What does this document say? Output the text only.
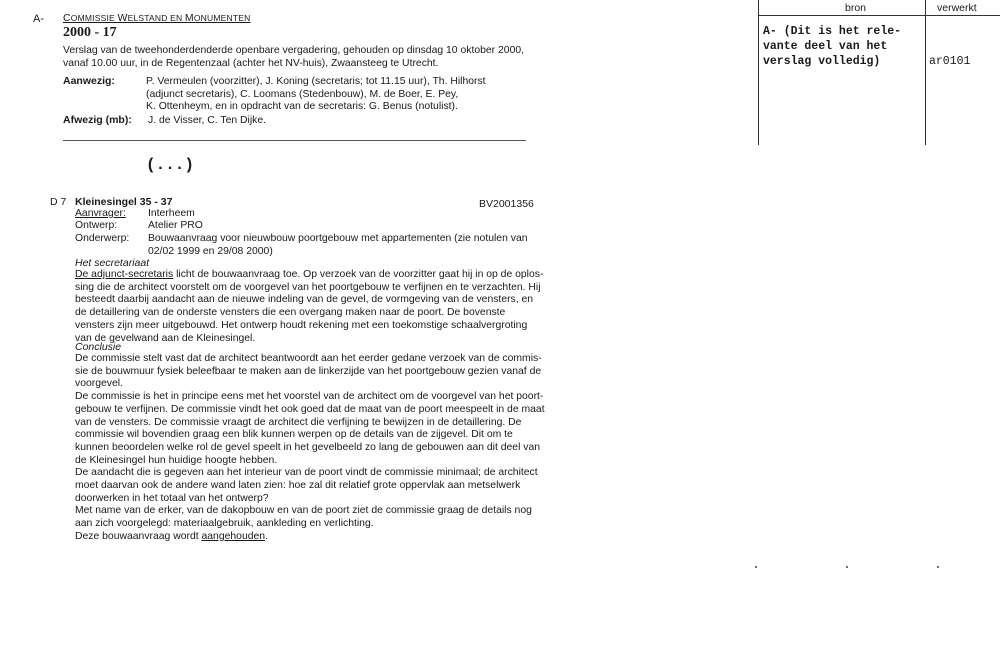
A- COMMISSIE WELSTAND EN MONUMENTEN
2000 - 17
Verslag van de tweehonderdenderde openbare vergadering, gehouden op dinsdag 10 oktober 2000,
vanaf 10.00 uur, in de Regentenzaal (achter het NV-huis), Zwaansteeg te Utrecht.
Aanwezig:	P. Vermeulen (voorzitter), J. Koning (secretaris; tot 11.15 uur), Th. Hilhorst
(adjunct secretaris), C. Loomans (Stedenbouw), M. de Boer, E. Pey,
K. Ottenheym, en in opdracht van de secretaris: G. Benus (notulist).
Afwezig (mb): J. de Visser, C. Ten Dijke.
(...)
D 7 Kleinesingel 35 - 37	BV2001356
Aanvrager: Interheem
Ontwerp:	Atelier PRO
Onderwerp: Bouwaanvraag voor nieuwbouw poortgebouw met appartementen (zie notulen van
02/02 1999 en 29/08 2000)
Het secretariaat
De adjunct-secretaris licht de bouwaanvraag toe. Op verzoek van de voorzitter gaat hij in op de oplos-
sing die de architect voorstelt om de voorgevel van het poortgebouw te verfijnen en te verzachten. Hij
besteedt daarbij aandacht aan de nieuwe indeling van de gevel, de vormgeving van de vensters, en
de detaillering van de onderste vensters die een overgang maken naar de poort. De bovenste
vensters zijn meer uitgebouwd. Het ontwerp houdt rekening met een toekomstige schaalvergroting
van de gevelwand aan de Kleinesingel.
Conclusie
De commissie stelt vast dat de architect beantwoordt aan het eerder gedane verzoek van de commis-
sie de bouwmuur fysiek beleefbaar te maken aan de linkerzijde van het poortgebouw gezien vanaf de
voorgevel.
De commissie is het in principe eens met het voorstel van de architect om de voorgevel van het poort-
gebouw te verfijnen. De commissie vindt het ook goed dat de maat van de poort meespeelt in de maat
van de vensters. De commissie vraagt de architect die verfijning te bewijzen in de detaillering. De
commissie wil bovendien graag een blik kunnen werpen op de details van de zijgevel. Dit om te
kunnen beoordelen welke rol de gevel speelt in het gevelbeeld zo lang de gebouwen aan dit deel van
de Kleinesingel hun huidige hoogte hebben.
De aandacht die is gegeven aan het interieur van de poort vindt de commissie minimaal; de architect
moet daarvan ook de andere wand laten zien: hoe zal dit relatief grote oppervlak aan metselwerk
doorwerken in het totaal van het ontwerp?
Met name van de erker, van de dakopbouw en van de poort ziet de commissie graag de details nog
aan zich voorgelegd: materiaalgebruik, aankleding en verlichting.
Deze bouwaanvraag wordt aangehouden.
bron	verwerkt
A- (Dit is het rele-
vante deel van het
verslag volledig)	ar0101
